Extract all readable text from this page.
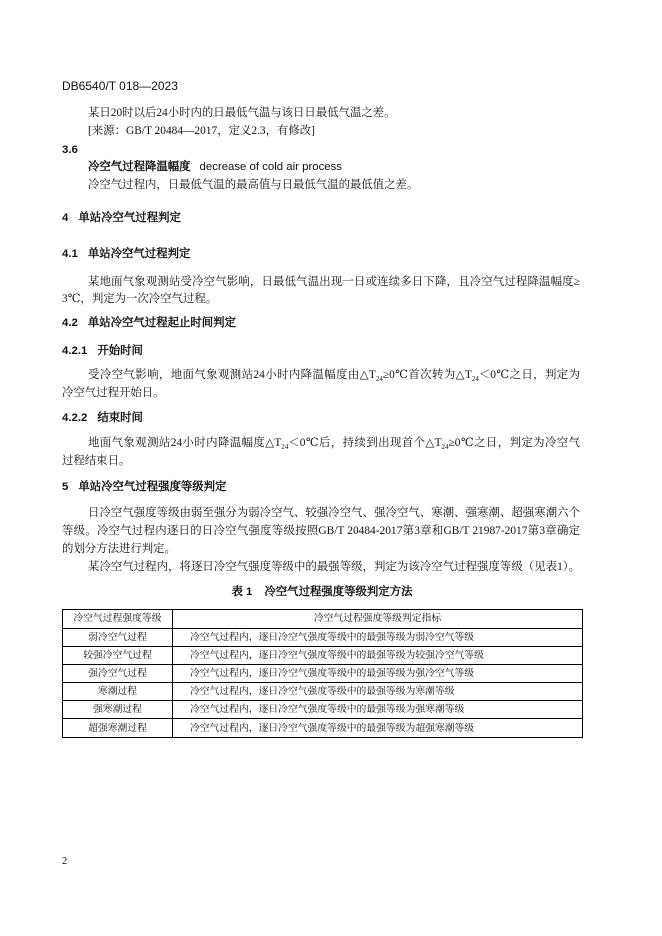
DB6540/T 018—2023
某日20时以后24小时内的日最低气温与该日日最低气温之差。
[来源：GB/T 20484—2017，定义2.3，有修改]
3.6
冷空气过程降温幅度 decrease of cold air process
冷空气过程内，日最低气温的最高值与日最低气温的最低值之差。
4 单站冷空气过程判定
4.1 单站冷空气过程判定
某地面气象观测站受冷空气影响，日最低气温出现一日或连续多日下降，且冷空气过程降温幅度≥
3℃，判定为一次冷空气过程。
4.2 单站冷空气过程起止时间判定
4.2.1 开始时间
受冷空气影响，地面气象观测站24小时内降温幅度由$\triangle T_{24}\ge 0℃$首次转为$\triangle T_{24}<0℃$之日，判定为
冷空气过程开始日。
4.2.2 结束时间
地面气象观测站24小时内降温幅度$\triangle T_{24}<0℃$后，持续到出现首个$\triangle T_{24}\ge 0℃$之日，判定为冷空气
过程结束日。
5 单站冷空气过程强度等级判定
日冷空气强度等级由弱至强分为弱冷空气、较强冷空气、强冷空气、寒潮、强寒潮、超强寒潮六个
等级。冷空气过程内逐日的日冷空气强度等级按照GB/T 20484-2017第3章和GB/T 21987-2017第3章确定
的划分方法进行判定。
某冷空气过程内，将逐日冷空气强度等级中的最强等级，判定为该冷空气过程强度等级（见表1）。
表 1 冷空气过程强度等级判定方法
冷空气过程强度等级	冷空气过程强度等级判定指标
弱冷空气过程	冷空气过程内，逐日冷空气强度等级中的最强等级为弱冷空气等级
较强冷空气过程	冷空气过程内，逐日冷空气强度等级中的最强等级为较强冷空气等级
强冷空气过程	冷空气过程内，逐日冷空气强度等级中的最强等级为强冷空气等级
寒潮过程	冷空气过程内，逐日冷空气强度等级中的最强等级为寒潮等级
强寒潮过程	冷空气过程内，逐日冷空气强度等级中的最强等级为强寒潮等级
超强寒潮过程	冷空气过程内，逐日冷空气强度等级中的最强等级为超强寒潮等级
2
